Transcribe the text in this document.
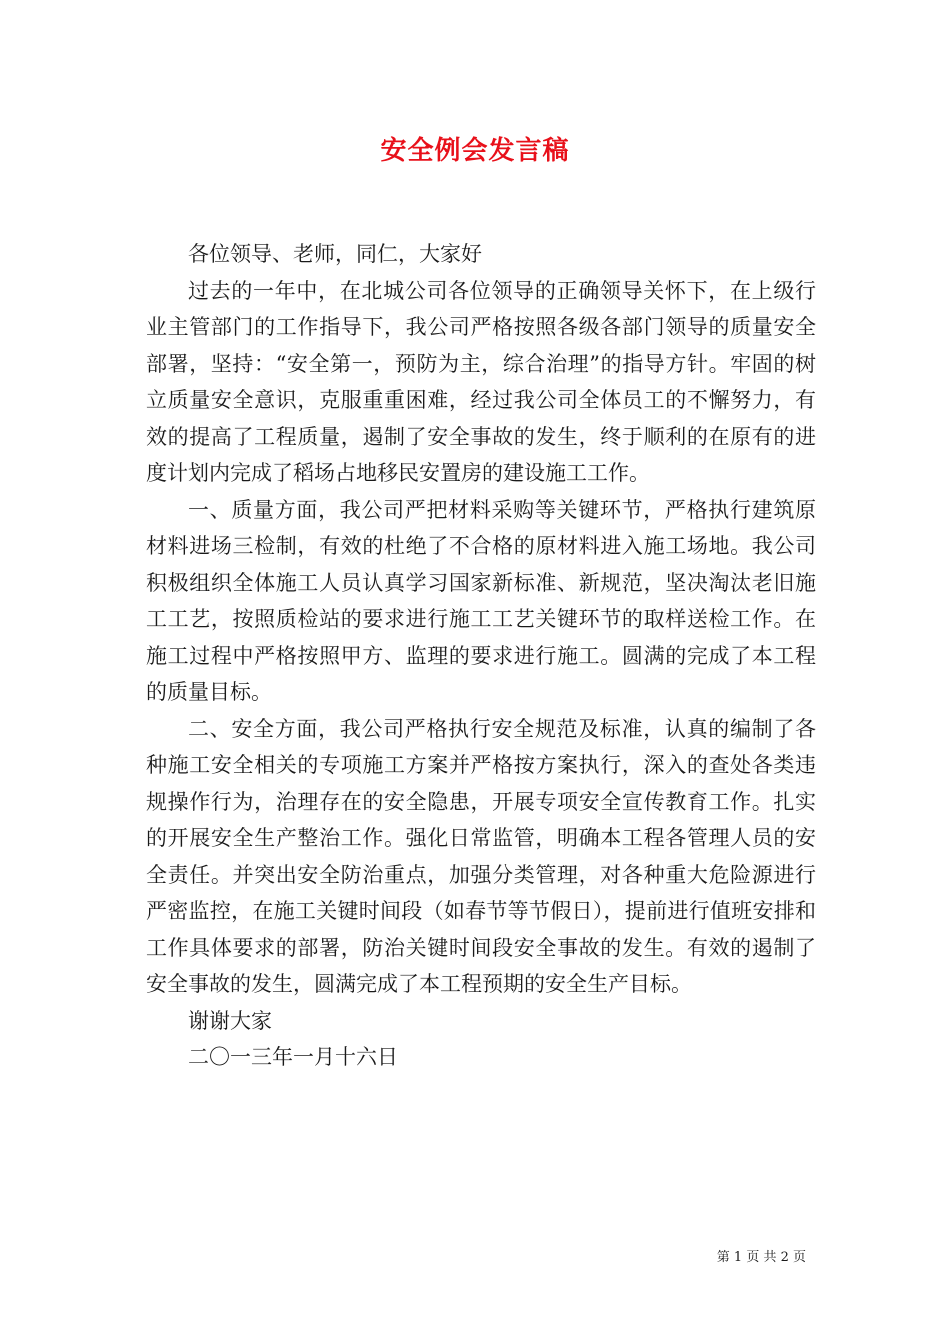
安全例会发言稿

各位领导、老师，同仁，大家好

过去的一年中，在北城公司各位领导的正确领导关怀下，在上级行业主管部门的工作指导下，我公司严格按照各级各部门领导的质量安全部署，坚持：“安全第一，预防为主，综合治理”的指导方针。牢固的树立质量安全意识，克服重重困难，经过我公司全体员工的不懈努力，有效的提高了工程质量，遏制了安全事故的发生，终于顺利的在原有的进度计划内完成了稻场占地移民安置房的建设施工工作。

一、质量方面，我公司严把材料采购等关键环节，严格执行建筑原材料进场三检制，有效的杜绝了不合格的原材料进入施工场地。我公司积极组织全体施工人员认真学习国家新标准、新规范，坚决淘汰老旧施工工艺，按照质检站的要求进行施工工艺关键环节的取样送检工作。在施工过程中严格按照甲方、监理的要求进行施工。圆满的完成了本工程的质量目标。

二、安全方面，我公司严格执行安全规范及标准，认真的编制了各种施工安全相关的专项施工方案并严格按方案执行，深入的查处各类违规操作行为，治理存在的安全隐患，开展专项安全宣传教育工作。扎实的开展安全生产整治工作。强化日常监管，明确本工程各管理人员的安全责任。并突出安全防治重点，加强分类管理，对各种重大危险源进行严密监控，在施工关键时间段（如春节等节假日），提前进行值班安排和工作具体要求的部署，防治关键时间段安全事故的发生。有效的遏制了安全事故的发生，圆满完成了本工程预期的安全生产目标。

谢谢大家

二〇一三年一月十六日

第 1 页 共 2 页
